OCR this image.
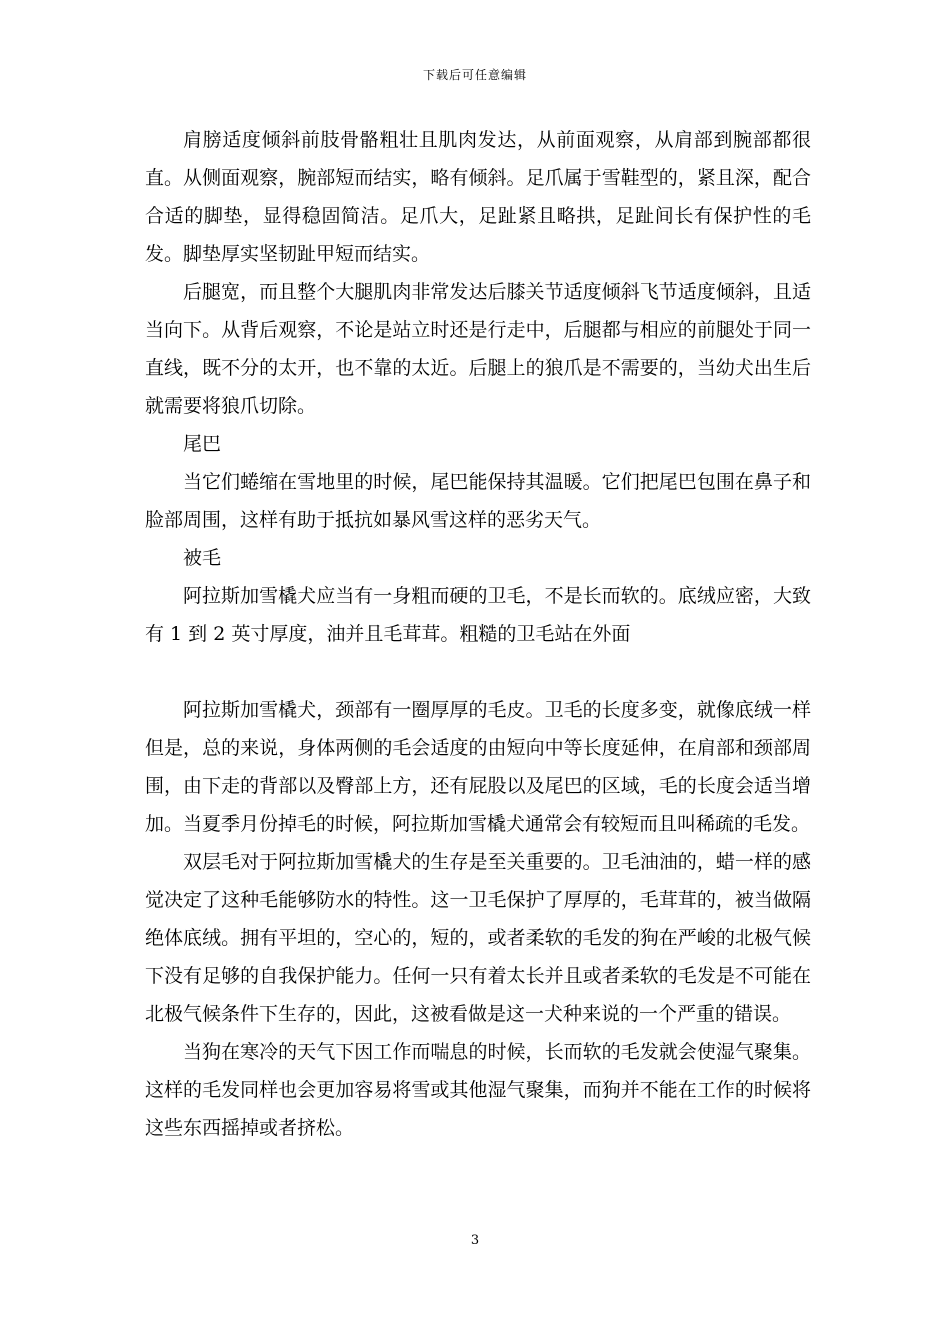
下载后可任意编辑

肩膀适度倾斜前肢骨骼粗壮且肌肉发达，从前面观察，从肩部到腕部都很直。从侧面观察，腕部短而结实，略有倾斜。足爪属于雪鞋型的，紧且深，配合合适的脚垫，显得稳固简洁。足爪大，足趾紧且略拱，足趾间长有保护性的毛发。脚垫厚实坚韧趾甲短而结实。

后腿宽，而且整个大腿肌肉非常发达后膝关节适度倾斜飞节适度倾斜，且适当向下。从背后观察，不论是站立时还是行走中，后腿都与相应的前腿处于同一直线，既不分的太开，也不靠的太近。后腿上的狼爪是不需要的，当幼犬出生后就需要将狼爪切除。

尾巴

当它们蜷缩在雪地里的时候，尾巴能保持其温暖。它们把尾巴包围在鼻子和脸部周围，这样有助于抵抗如暴风雪这样的恶劣天气。

被毛

阿拉斯加雪橇犬应当有一身粗而硬的卫毛，不是长而软的。底绒应密，大致有 1 到 2 英寸厚度，油并且毛茸茸。粗糙的卫毛站在外面

阿拉斯加雪橇犬，颈部有一圈厚厚的毛皮。卫毛的长度多变，就像底绒一样但是，总的来说，身体两侧的毛会适度的由短向中等长度延伸，在肩部和颈部周围，由下走的背部以及臀部上方，还有屁股以及尾巴的区域，毛的长度会适当增加。当夏季月份掉毛的时候，阿拉斯加雪橇犬通常会有较短而且叫稀疏的毛发。

双层毛对于阿拉斯加雪橇犬的生存是至关重要的。卫毛油油的，蜡一样的感觉决定了这种毛能够防水的特性。这一卫毛保护了厚厚的，毛茸茸的，被当做隔绝体底绒。拥有平坦的，空心的，短的，或者柔软的毛发的狗在严峻的北极气候下没有足够的自我保护能力。任何一只有着太长并且或者柔软的毛发是不可能在北极气候条件下生存的，因此，这被看做是这一犬种来说的一个严重的错误。

当狗在寒冷的天气下因工作而喘息的时候，长而软的毛发就会使湿气聚集。这样的毛发同样也会更加容易将雪或其他湿气聚集，而狗并不能在工作的时候将这些东西摇掉或者挤松。

3
